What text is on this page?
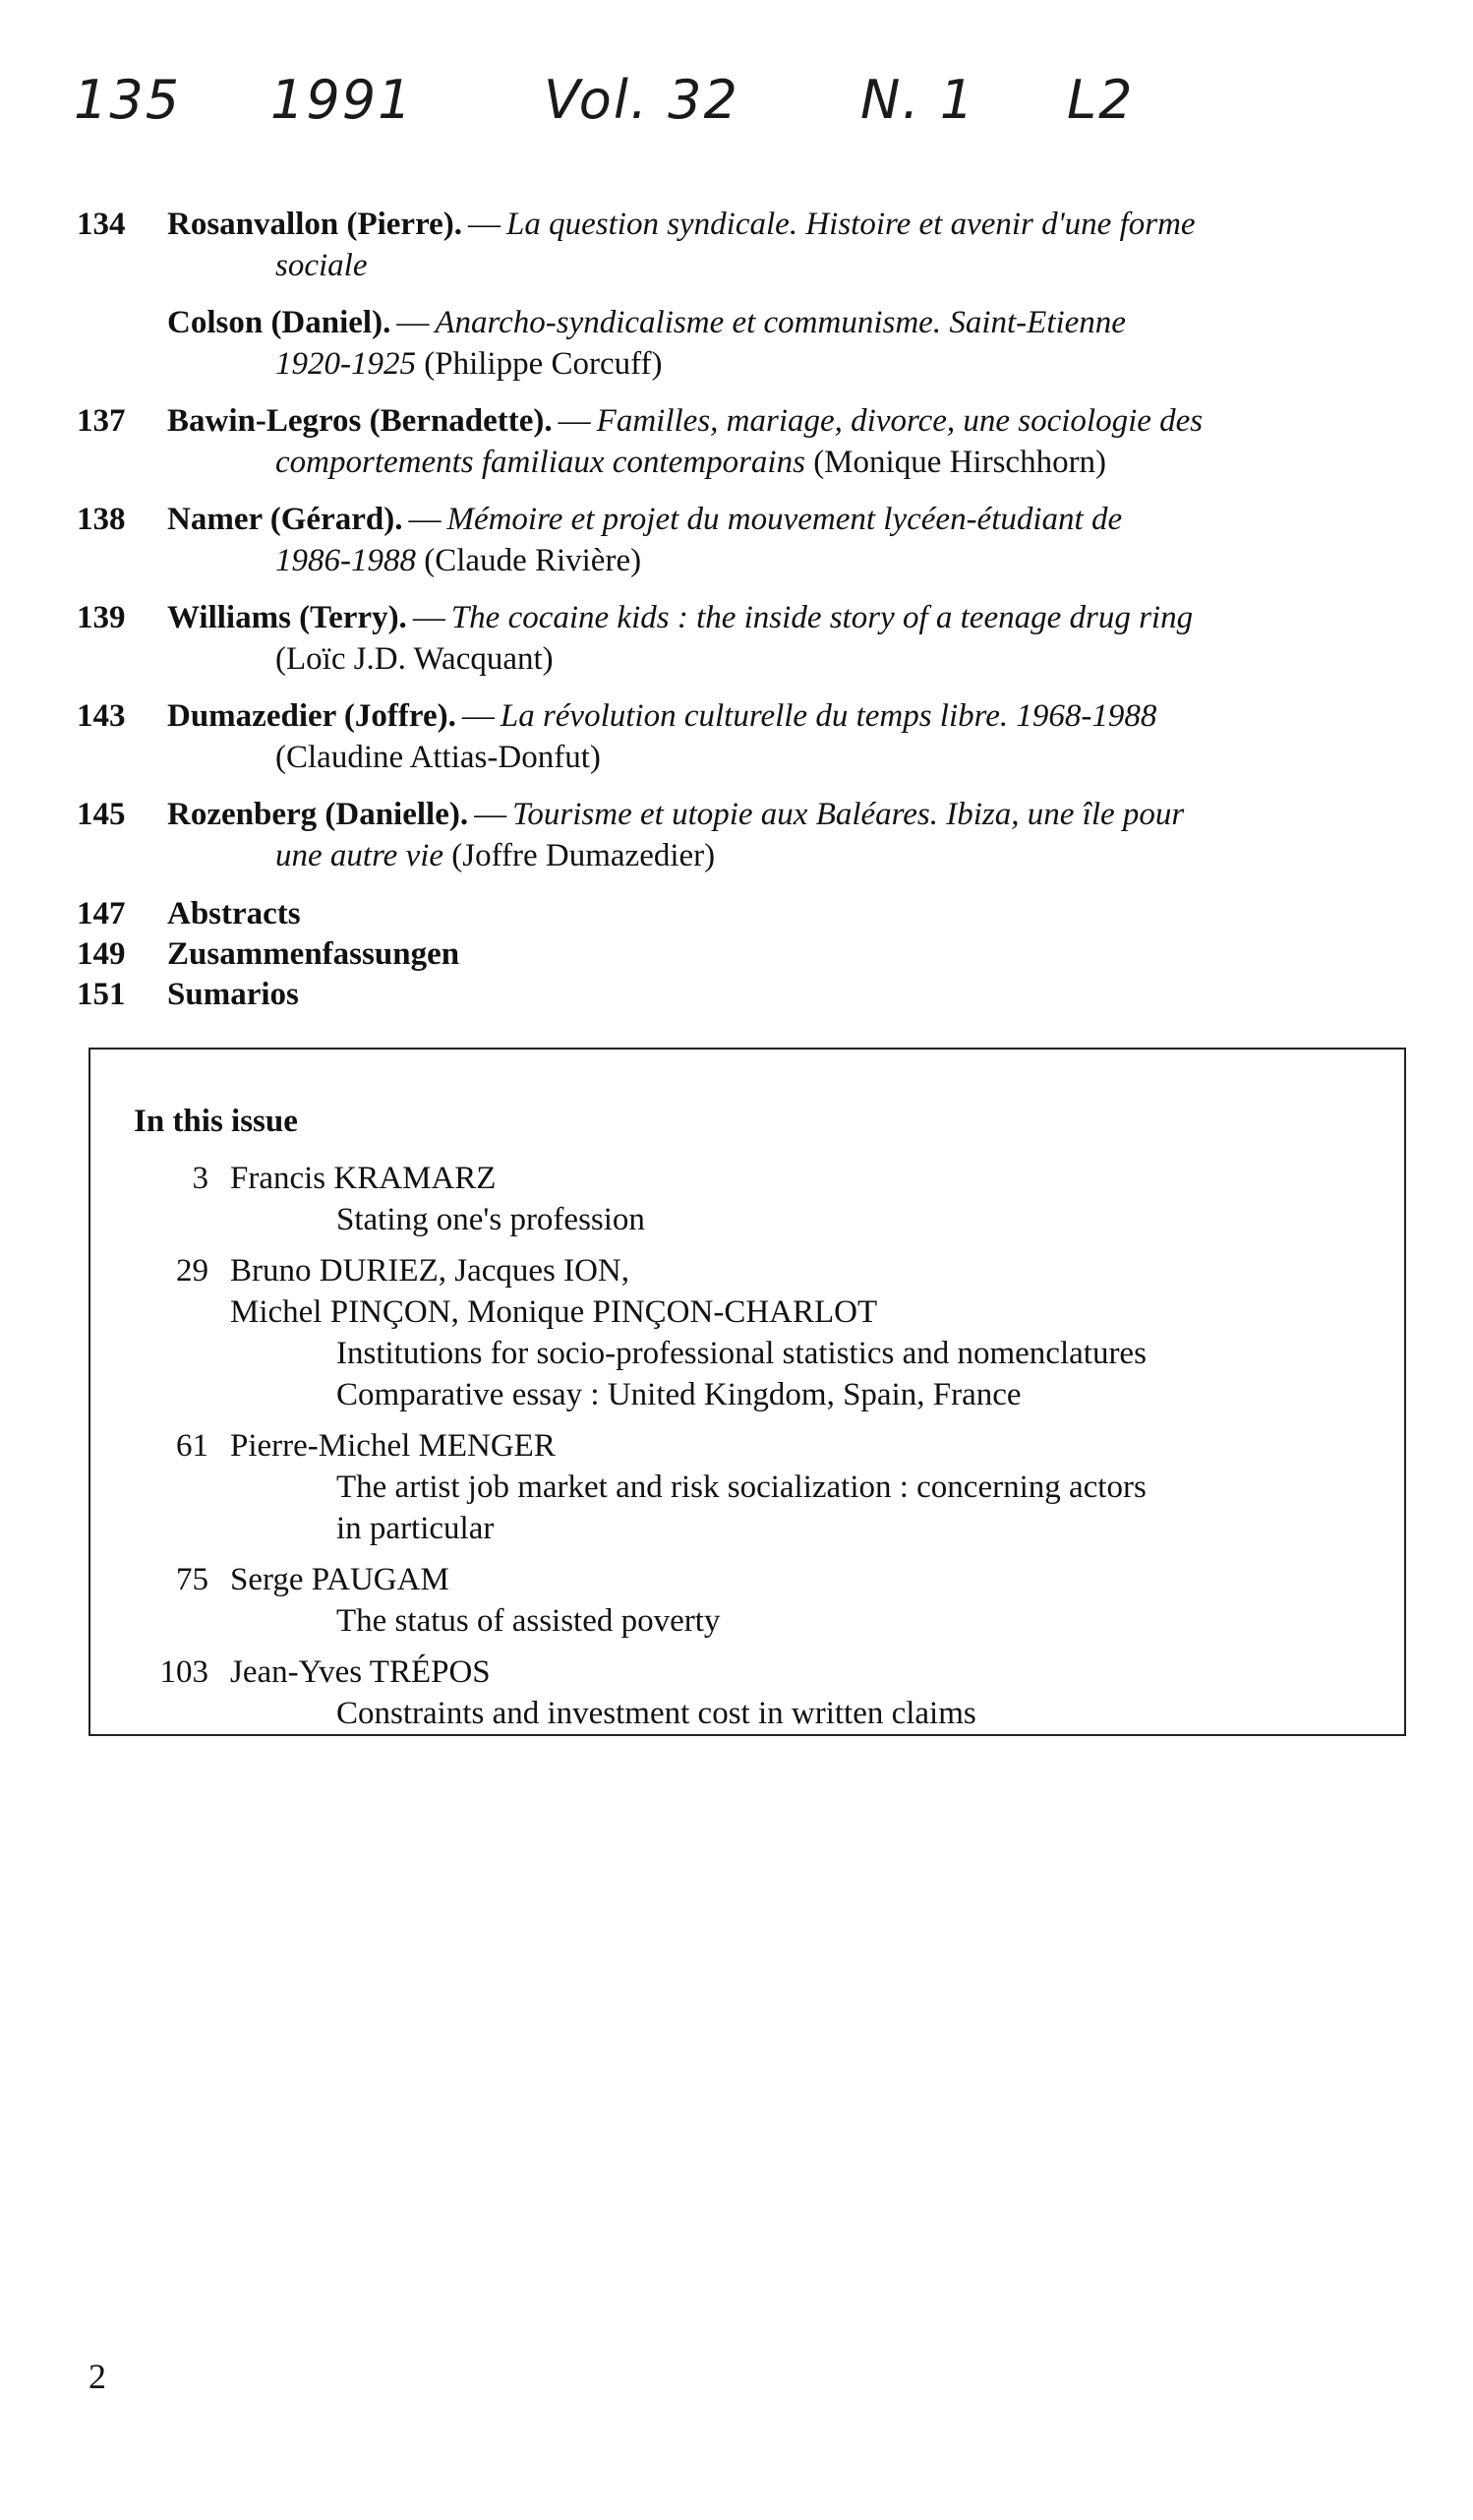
135 1991 Vol. 32 N. 1 L2
134	Rosanvallon (Pierre). — La question syndicale. Histoire et avenir d'une forme
sociale
Colson (Daniel). — Anarcho-syndicalisme et communisme. Saint-Etienne
1920-1925 (Philippe Corcuff)
137	Bawin-Legros (Bernadette). — Familles, mariage, divorce, une sociologie des
comportements familiaux contemporains (Monique Hirschhorn)
138	Namer (Gérard). — Mémoire et projet du mouvement lycéen-étudiant de
1986-1988 (Claude Rivière)
139	Williams (Terry). — The cocaine kids : the inside story of a teenage drug ring
(Loïc J.D. Wacquant)
143	Dumazedier (Joffre). — La révolution culturelle du temps libre. 1968-1988
(Claudine Attias-Donfut)
145	Rozenberg (Danielle). — Tourisme et utopie aux Baléares. Ibiza, une île pour
une autre vie (Joffre Dumazedier)
147	Abstracts
149	Zusammenfassungen
151	Sumarios
In this issue
3 Francis KRAMARZ
Stating one's profession
29 Bruno DURIEZ, Jacques ION,
Michel PINÇON, Monique PINÇON-CHARLOT
Institutions for socio-professional statistics and nomenclatures
Comparative essay : United Kingdom, Spain, France
61 Pierre-Michel MENGER
The artist job market and risk socialization : concerning actors
in particular
75 Serge PAUGAM
The status of assisted poverty
103 Jean-Yves TRÉPOS
Constraints and investment cost in written claims
2
